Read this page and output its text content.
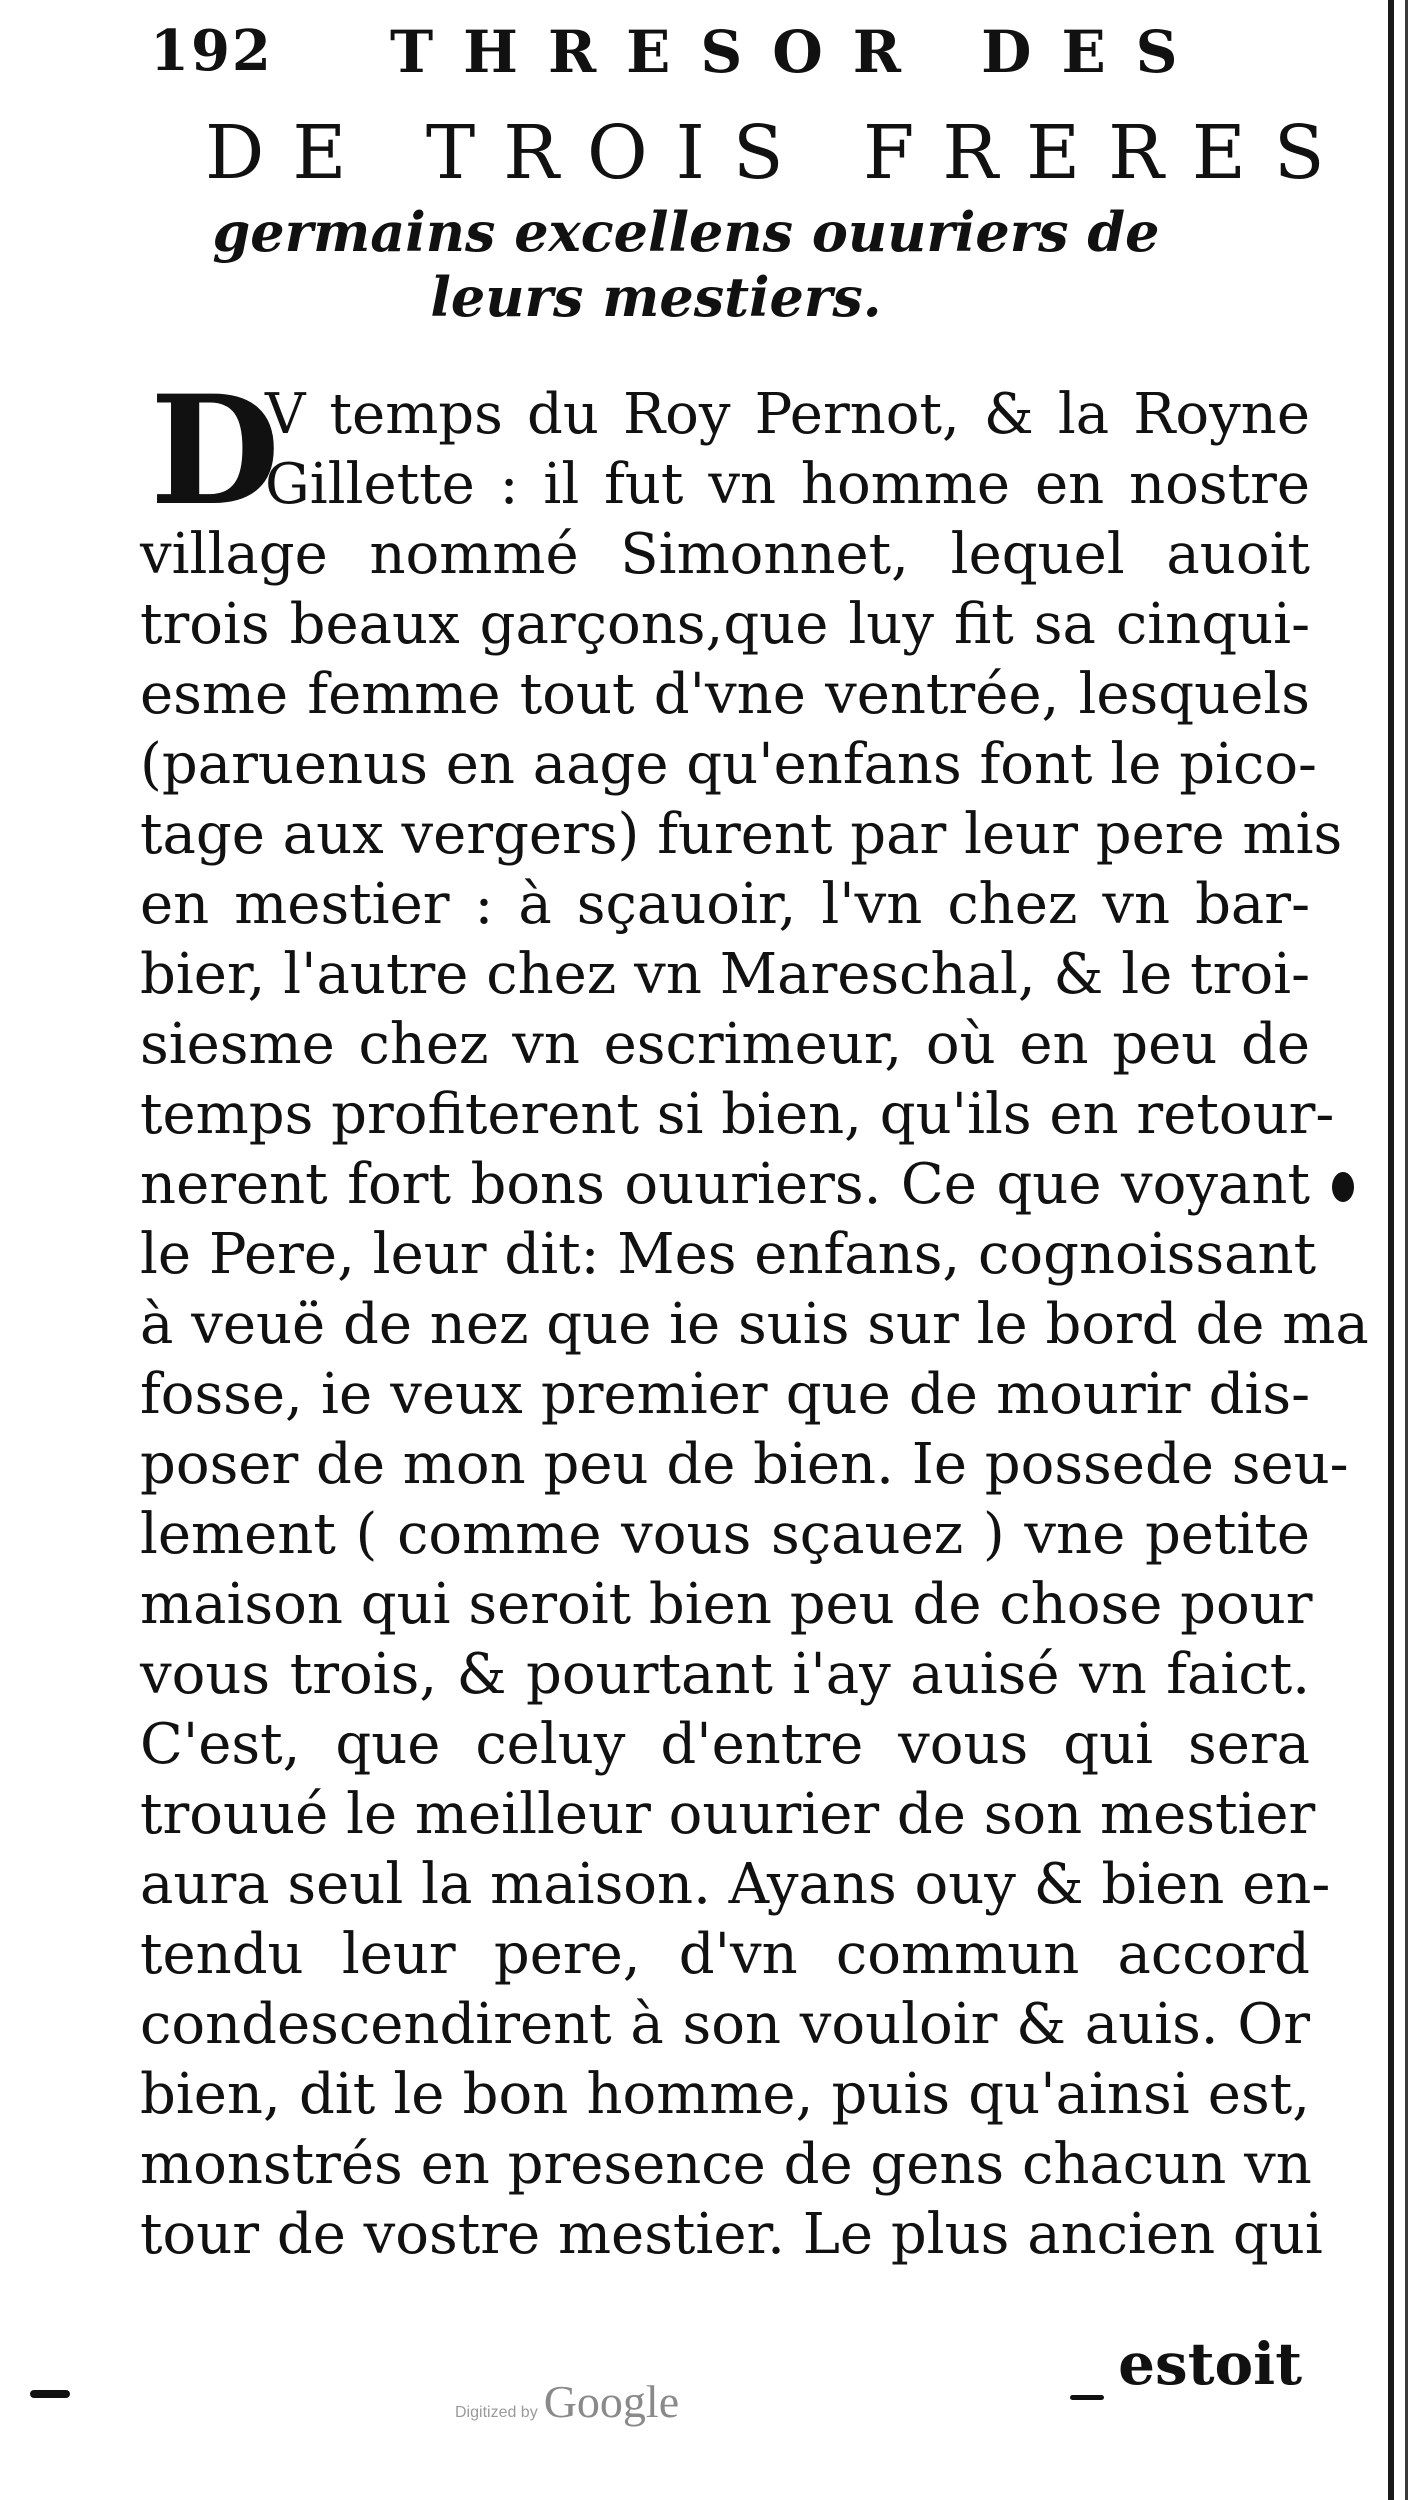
192 THRESOR DES
DE TROIS FRERES
germains excellens ouuriers de
leurs mestiers.
D
V temps du Roy Pernot, & la Royne
Gillette : il fut vn homme en nostre
village nommé Simonnet, lequel auoit
trois beaux garçons,que luy fit sa cinqui-
esme femme tout d'vne ventrée, lesquels
(paruenus en aage qu'enfans font le pico-
tage aux vergers) furent par leur pere mis
en mestier : à sçauoir, l'vn chez vn bar-
bier, l'autre chez vn Mareschal, & le troi-
siesme chez vn escrimeur, où en peu de
temps profiterent si bien, qu'ils en retour-
nerent fort bons ouuriers. Ce que voyant
le Pere, leur dit: Mes enfans, cognoissant
à veuë de nez que ie suis sur le bord de ma
fosse, ie veux premier que de mourir dis-
poser de mon peu de bien. Ie possede seu-
lement ( comme vous sçauez ) vne petite
maison qui seroit bien peu de chose pour
vous trois, & pourtant i'ay auisé vn faict.
C'est, que celuy d'entre vous qui sera
trouué le meilleur ouurier de son mestier
aura seul la maison. Ayans ouy & bien en-
tendu leur pere, d'vn commun accord
condescendirent à son vouloir & auis. Or
bien, dit le bon homme, puis qu'ainsi est,
monstrés en presence de gens chacun vn
tour de vostre mestier. Le plus ancien qui
estoit
Digitized by Google
